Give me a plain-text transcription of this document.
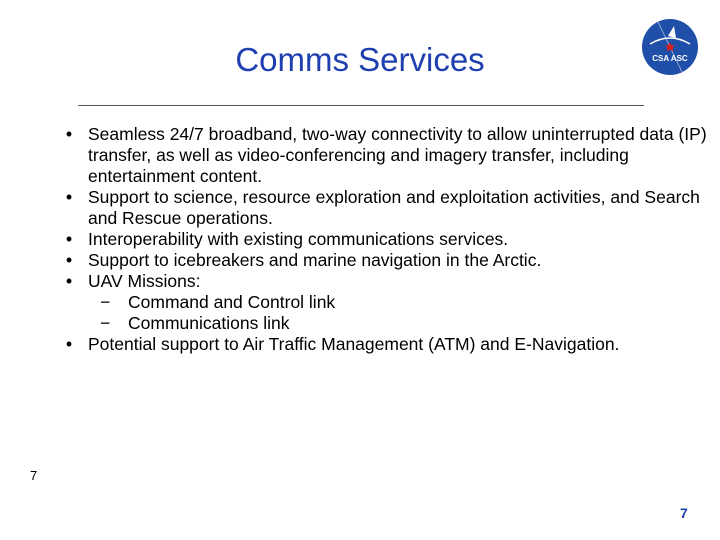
Comms Services	CSA ASC
• Seamless 24/7 broadband, two-way connectivity to allow uninterrupted data (IP) transfer, as well as video-conferencing and imagery transfer, including entertainment content.
• Support to science, resource exploration and exploitation activities, and Search and Rescue operations.
• Interoperability with existing communications services.
• Support to icebreakers and marine navigation in the Arctic.
• UAV Missions:
− Command and Control link
− Communications link
• Potential support to Air Traffic Management (ATM) and E-Navigation.
7
7
